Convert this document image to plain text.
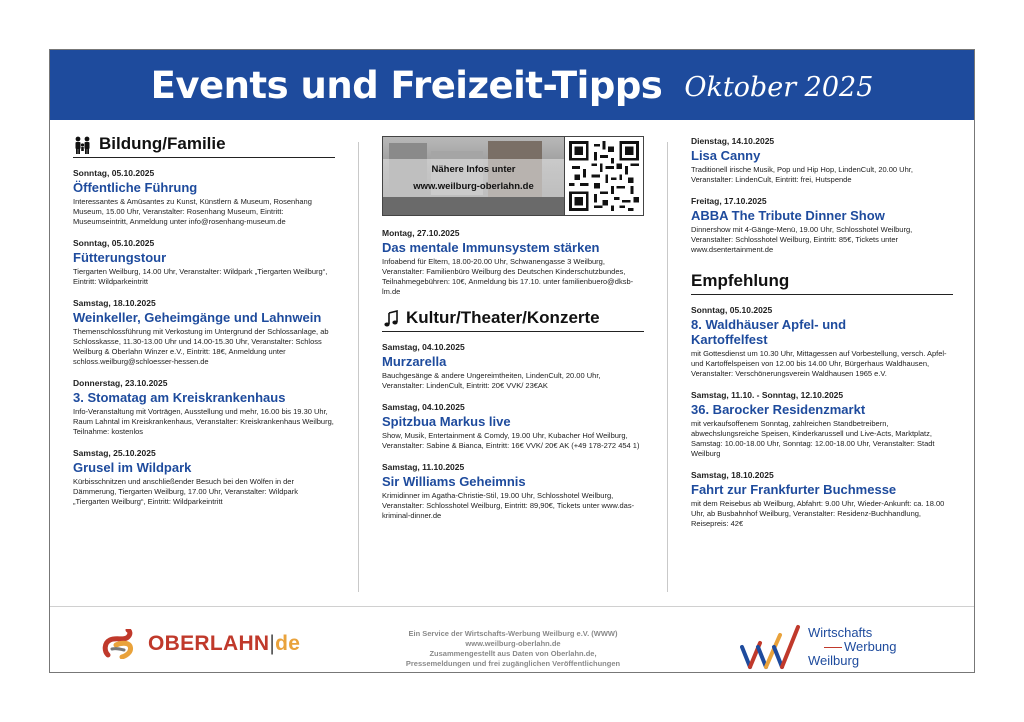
Events und Freizeit-Tipps Oktober 2025
Bildung/Familie
Sonntag, 05.10.2025
Öffentliche Führung
Interessantes & Amüsantes zu Kunst, Künstlern & Museum, Rosenhang Museum, 15.00 Uhr, Veranstalter: Rosenhang Museum, Eintritt: Museumseintritt, Anmeldung unter info@rosenhang-museum.de
Sonntag, 05.10.2025
Fütterungstour
Tiergarten Weilburg, 14.00 Uhr, Veranstalter: Wildpark „Tiergarten Weilburg“, Eintritt: Wildparkeintritt
Samstag, 18.10.2025
Weinkeller, Geheimgänge und Lahnwein
Themenschlossführung mit Verkostung im Untergrund der Schlossanlage, ab Schlosskasse, 11.30-13.00 Uhr und 14.00-15.30 Uhr, Veranstalter: Schloss Weilburg & Oberlahn Winzer e.V., Eintritt: 18€, Anmeldung unter schloss.weilburg@schloesser-hessen.de
Donnerstag, 23.10.2025
3. Stomatag am Kreiskrankenhaus
Info-Veranstaltung mit Vorträgen, Ausstellung und mehr, 16.00 bis 19.30 Uhr, Raum Lahntal im Kreiskrankenhaus, Veranstalter: Kreiskrankenhaus Weilburg, Teilnahme: kostenlos
Samstag, 25.10.2025
Grusel im Wildpark
Kürbisschnitzen und anschließender Besuch bei den Wölfen in der Dämmerung, Tiergarten Weilburg, 17.00 Uhr, Veranstalter: Wildpark „Tiergarten Weilburg“, Eintritt: Wildparkeintritt
Nähere Infos unter
www.weilburg-oberlahn.de
Montag, 27.10.2025
Das mentale Immunsystem stärken
Infoabend für Eltern, 18.00-20.00 Uhr, Schwanengasse 3 Weilburg, Veranstalter: Familienbüro Weilburg des Deutschen Kinderschutzbundes, Teilnahmegebühren: 10€, Anmeldung bis 17.10. unter familienbuero@dksb-lm.de
Kultur/Theater/Konzerte
Samstag, 04.10.2025
Murzarella
Bauchgesänge & andere Ungereimtheiten, LindenCult, 20.00 Uhr, Veranstalter: LindenCult, Eintritt: 20€ VVK/ 23€AK
Samstag, 04.10.2025
Spitzbua Markus live
Show, Musik, Entertainment & Comdy, 19.00 Uhr, Kubacher Hof Weilburg, Veranstalter: Sabine & Bianca, Eintritt: 16€ VVK/ 20€ AK (+49 178-272 454 1)
Samstag, 11.10.2025
Sir Williams Geheimnis
Krimidinner im Agatha-Christie-Stil, 19.00 Uhr, Schlosshotel Weilburg, Veranstalter: Schlosshotel Weilburg, Eintritt: 89,90€, Tickets unter www.das-kriminal-dinner.de
Dienstag, 14.10.2025
Lisa Canny
Traditionell irische Musik, Pop und Hip Hop, LindenCult, 20.00 Uhr, Veranstalter: LindenCult, Eintritt: frei, Hutspende
Freitag, 17.10.2025
ABBA The Tribute Dinner Show
Dinnershow mit 4-Gänge-Menü, 19.00 Uhr, Schlosshotel Weilburg, Veranstalter: Schlosshotel Weilburg, Eintritt: 85€, Tickets unter www.dsentertainment.de
Empfehlung
Sonntag, 05.10.2025
8. Waldhäuser Apfel- und Kartoffelfest
mit Gottesdienst um 10.30 Uhr, Mittagessen auf Vorbestellung, versch. Apfel- und Kartoffelspeisen von 12.00 bis 14.00 Uhr, Bürgerhaus Waldhausen, Veranstalter: Verschönerungsverein Waldhausen 1965 e.V.
Samstag, 11.10. - Sonntag, 12.10.2025
36. Barocker Residenzmarkt
mit verkaufsoffenem Sonntag, zahlreichen Standbetreibern, abwechslungsreiche Speisen, Kinderkarussell und Live-Acts, Marktplatz, Samstag: 10.00-18.00 Uhr, Sonntag: 12.00-18.00 Uhr, Veranstalter: Stadt Weilburg
Samstag, 18.10.2025
Fahrt zur Frankfurter Buchmesse
mit dem Reisebus ab Weilburg, Abfahrt: 9.00 Uhr, Wieder-Ankunft: ca. 18.00 Uhr, ab Busbahnhof Weilburg, Veranstalter: Residenz-Buchhandlung, Reisepreis: 42€
OBERLAHN|de	Ein Service der Wirtschafts-Werbung Weilburg e.V. (WWW)
www.weilburg-oberlahn.de
Zusammengestellt aus Daten von Oberlahn.de,
Pressemeldungen und frei zugänglichen Veröffentlichungen
Wirtschafts
Werbung
Weilburg
